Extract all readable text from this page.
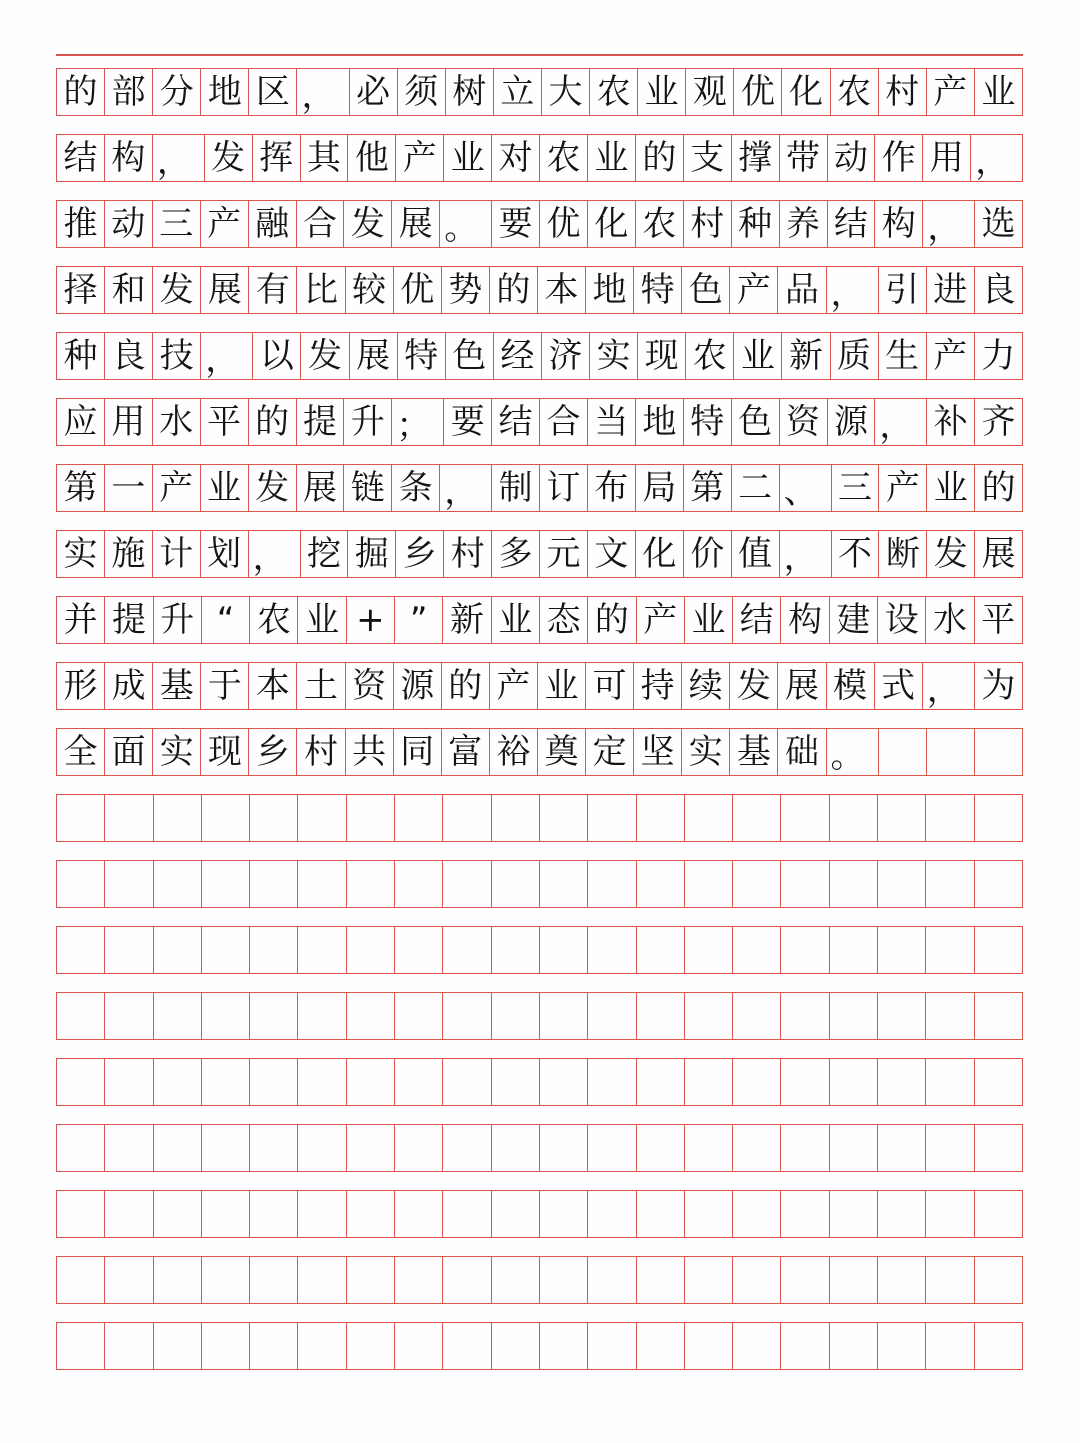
的 部 分 地 区 ， 必 须 树 立 大 农 业 观 优 化 农 村 产 业
结 构 ， 发 挥 其 他 产 业 对 农 业 的 支 撑 带 动 作 用 ，
推 动 三 产 融 合 发 展 。 要 优 化 农 村 种 养 结 构 ， 选
择 和 发 展 有 比 较 优 势 的 本 地 特 色 产 品 ， 引 进 良
种 良 技 ， 以 发 展 特 色 经 济 实 现 农 业 新 质 生 产 力
应 用 水 平 的 提 升 ； 要 结 合 当 地 特 色 资 源 ， 补 齐
第 一 产 业 发 展 链 条 ， 制 订 布 局 第 二 、 三 产 业 的
实 施 计 划 ， 挖 掘 乡 村 多 元 文 化 价 值 ， 不 断 发 展
并 提 升 “ 农 业 + ” 新 业 态 的 产 业 结 构 建 设 水 平
形 成 基 于 本 土 资 源 的 产 业 可 持 续 发 展 模 式 ， 为
全 面 实 现 乡 村 共 同 富 裕 奠 定 坚 实 基 础 。
